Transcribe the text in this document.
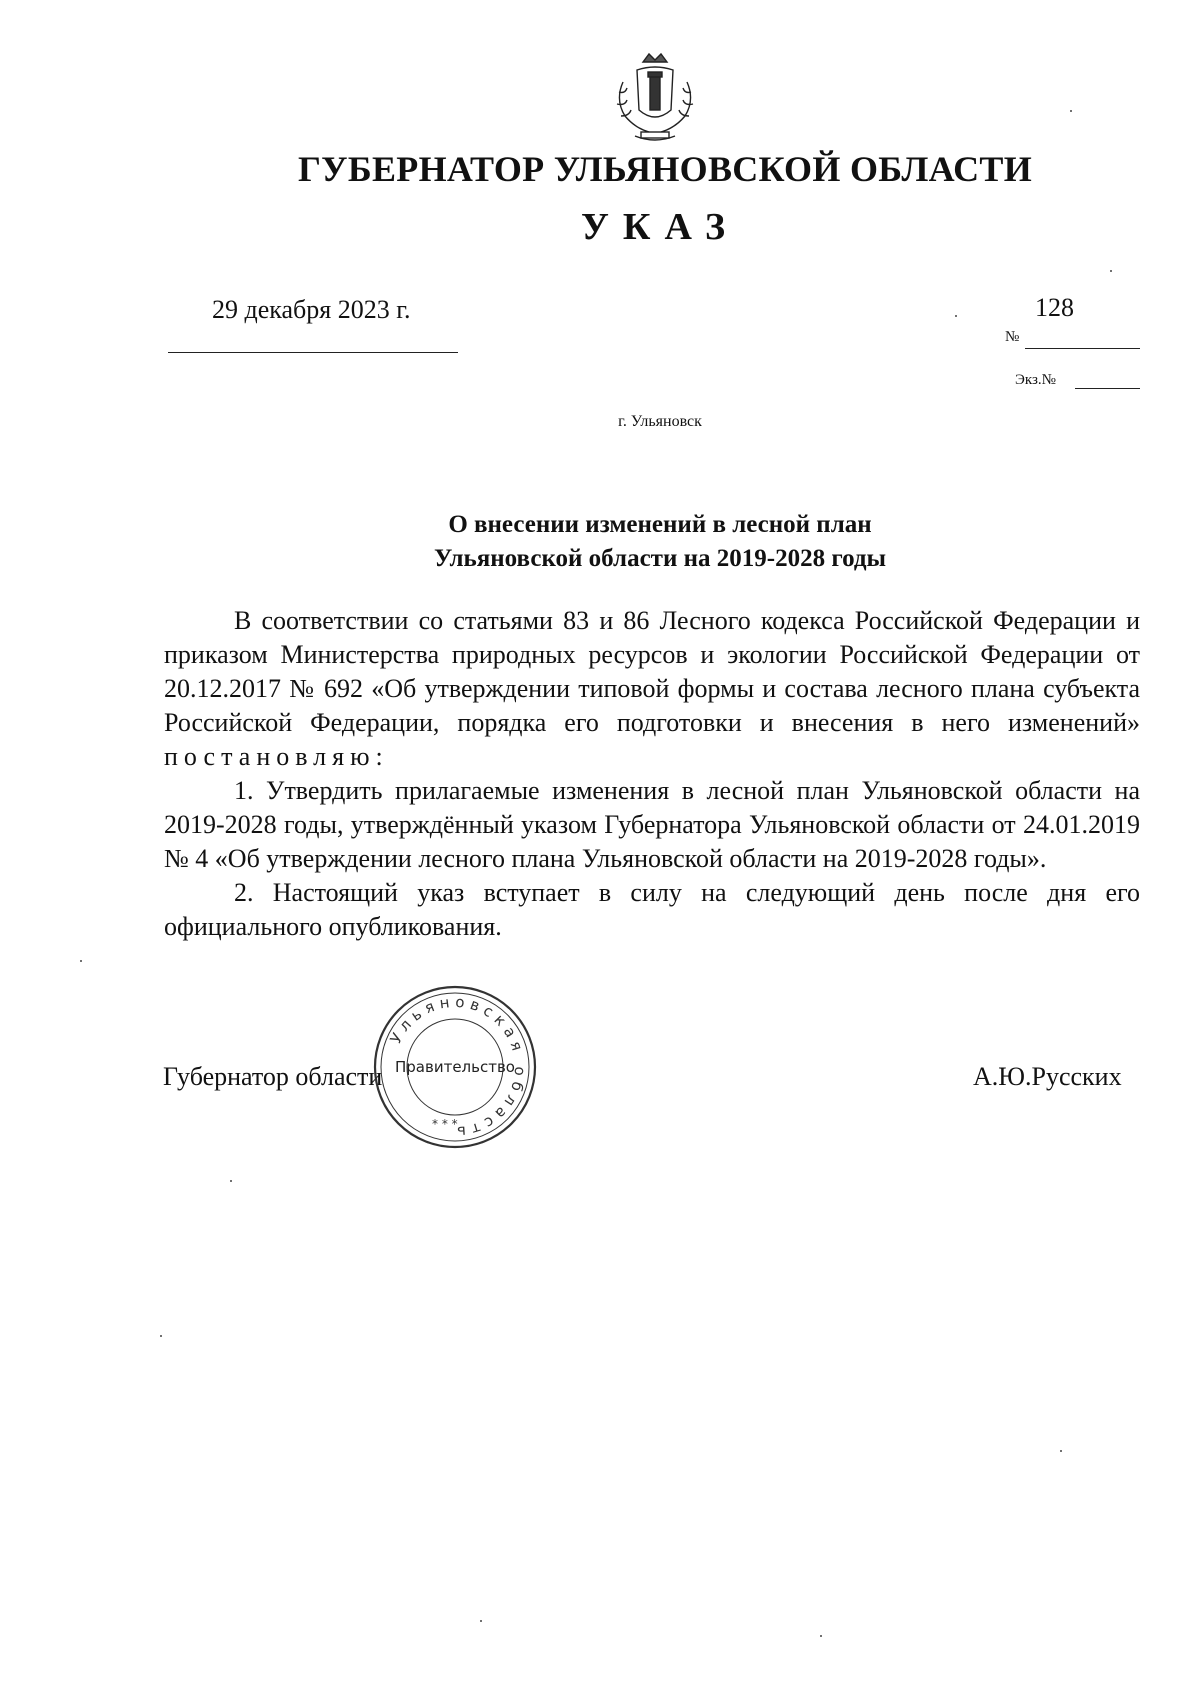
ГУБЕРНАТОР УЛЬЯНОВСКОЙ ОБЛАСТИ
УКАЗ
29 декабря 2023 г.	128
№
Экз.№
г. Ульяновск
О внесении изменений в лесной план
Ульяновской области на 2019-2028 годы

В соответствии со статьями 83 и 86 Лесного кодекса Российской Федерации и приказом Министерства природных ресурсов и экологии Российской Федерации от 20.12.2017 № 692 «Об утверждении типовой формы и состава лесного плана субъекта Российской Федерации, порядка его подготовки и внесения в него изменений» постановляю:

1. Утвердить прилагаемые изменения в лесной план Ульяновской области на 2019-2028 годы, утверждённый указом Губернатора Ульяновской области от 24.01.2019 № 4 «Об утверждении лесного плана Ульяновской области на 2019-2028 годы».

2. Настоящий указ вступает в силу на следующий день после дня его официального опубликования.

Губернатор области	А.Ю.Русских
Ульяновская область
Правительство
* * *
